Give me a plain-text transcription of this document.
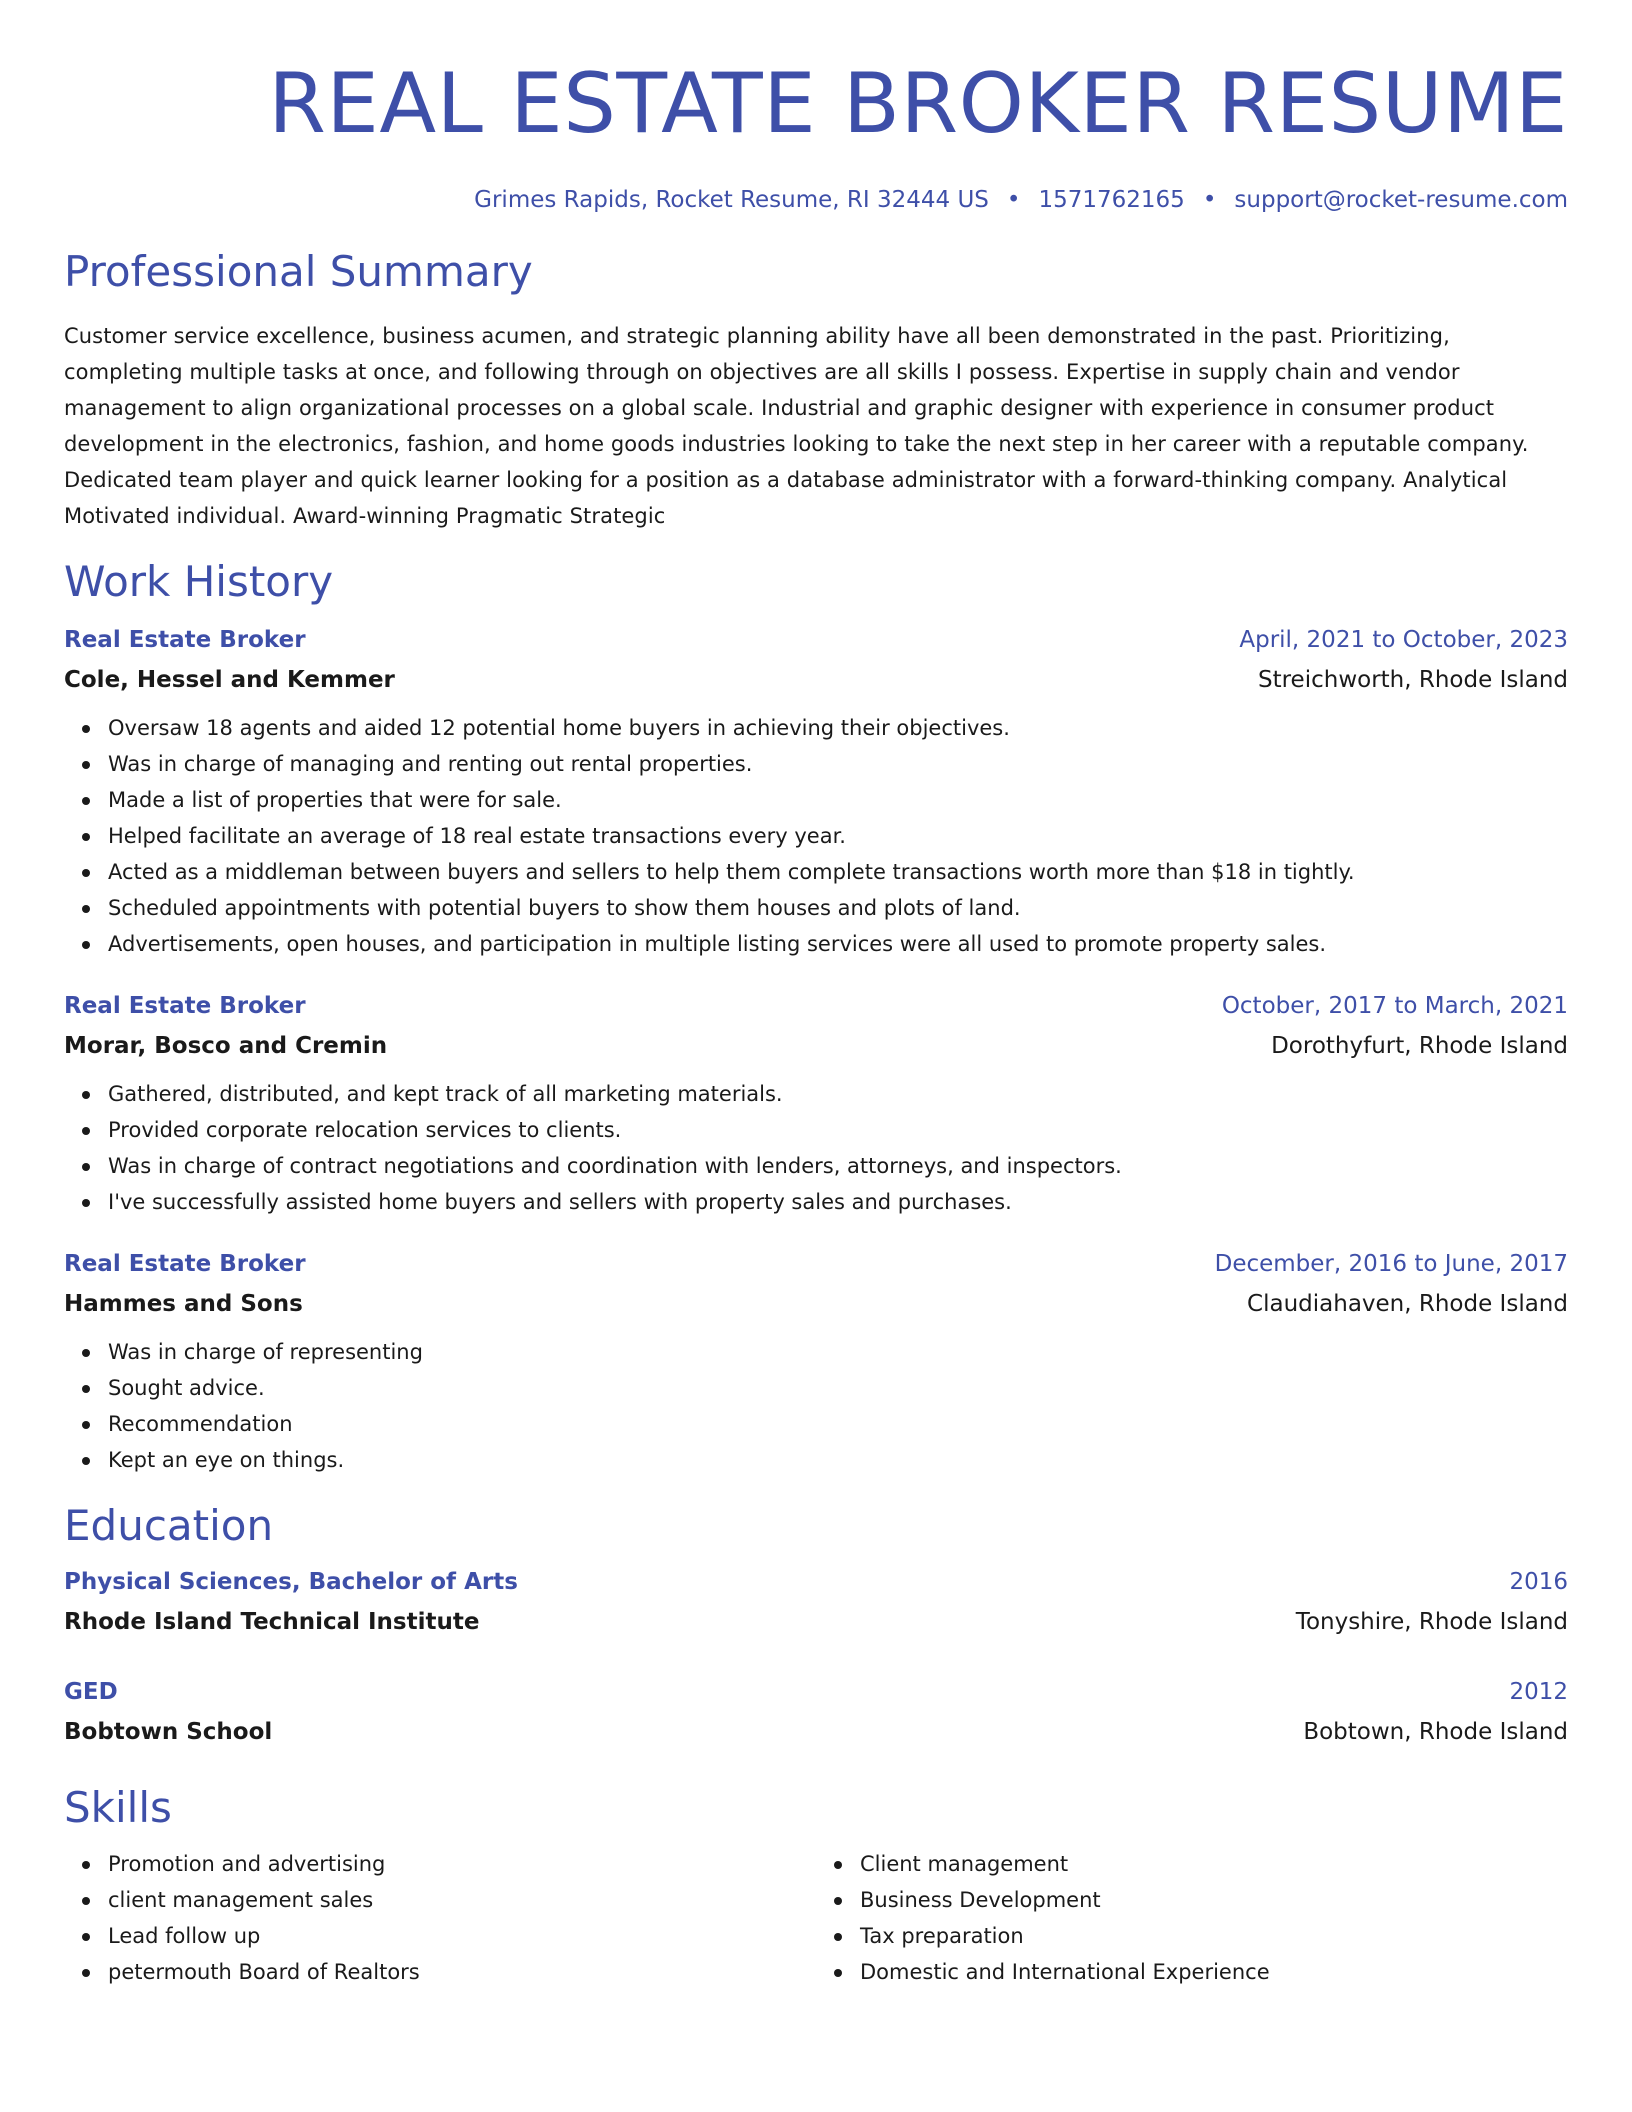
REAL ESTATE BROKER RESUME
Grimes Rapids, Rocket Resume, RI 32444 US • 1571762165 • support@rocket-resume.com
Professional Summary

Customer service excellence, business acumen, and strategic planning ability have all been demonstrated in the past. Prioritizing, completing multiple tasks at once, and following through on objectives are all skills I possess. Expertise in supply chain and vendor management to align organizational processes on a global scale. Industrial and graphic designer with experience in consumer product development in the electronics, fashion, and home goods industries looking to take the next step in her career with a reputable company. Dedicated team player and quick learner looking for a position as a database administrator with a forward-thinking company. Analytical Motivated individual. Award-winning Pragmatic Strategic

Work History
Real Estate Broker	April, 2021 to October, 2023
Cole, Hessel and Kemmer	Streichworth, Rhode Island
Oversaw 18 agents and aided 12 potential home buyers in achieving their objectives.
Was in charge of managing and renting out rental properties.
Made a list of properties that were for sale.
Helped facilitate an average of 18 real estate transactions every year.
Acted as a middleman between buyers and sellers to help them complete transactions worth more than $18 in tightly.
Scheduled appointments with potential buyers to show them houses and plots of land.
Advertisements, open houses, and participation in multiple listing services were all used to promote property sales.
Real Estate Broker	October, 2017 to March, 2021
Morar, Bosco and Cremin	Dorothyfurt, Rhode Island
Gathered, distributed, and kept track of all marketing materials.
Provided corporate relocation services to clients.
Was in charge of contract negotiations and coordination with lenders, attorneys, and inspectors.
I've successfully assisted home buyers and sellers with property sales and purchases.
Real Estate Broker	December, 2016 to June, 2017
Hammes and Sons	Claudiahaven, Rhode Island
Was in charge of representing
Sought advice.
Recommendation
Kept an eye on things.
Education
Physical Sciences, Bachelor of Arts	2016
Rhode Island Technical Institute	Tonyshire, Rhode Island
GED	2012
Bobtown School	Bobtown, Rhode Island
Skills
Promotion and advertising
client management sales
Lead follow up
petermouth Board of Realtors
Client management
Business Development
Tax preparation
Domestic and International Experience
